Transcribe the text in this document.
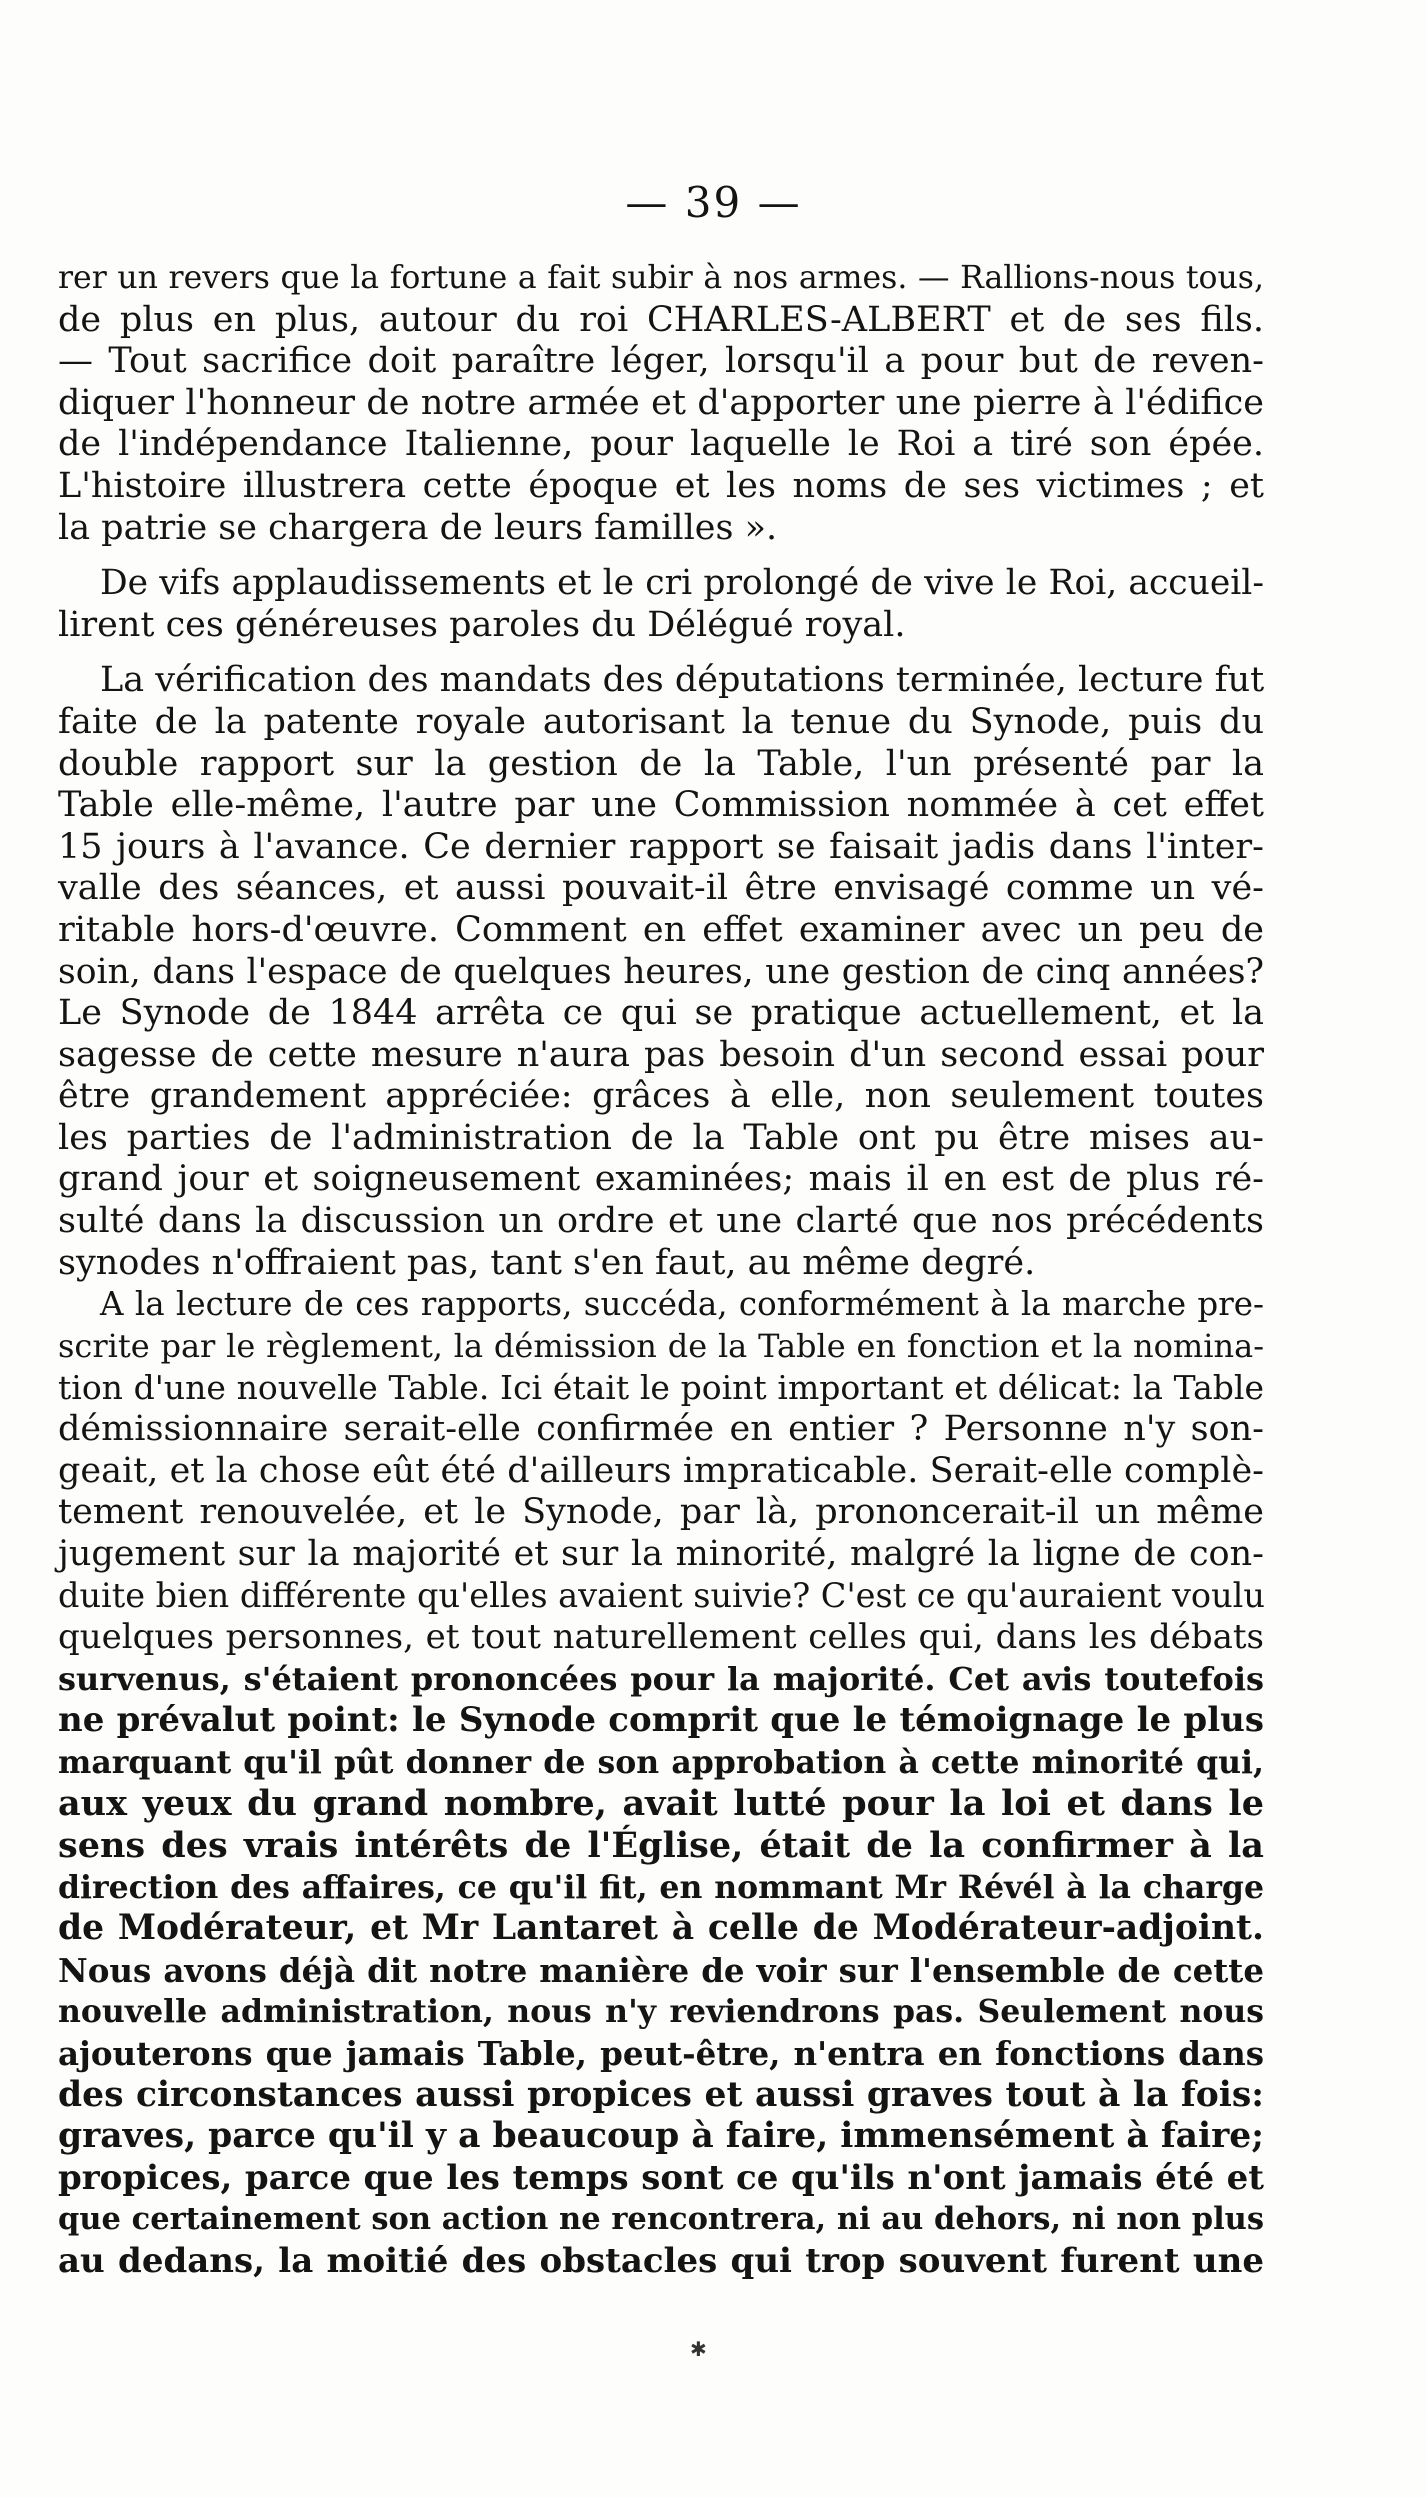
— 39 —
rer un revers que la fortune a fait subir à nos armes. — Rallions-nous tous,
de plus en plus, autour du roi CHARLES-ALBERT et de ses fils.
— Tout sacrifice doit paraître léger, lorsqu'il a pour but de reven-
diquer l'honneur de notre armée et d'apporter une pierre à l'édifice
de l'indépendance Italienne, pour laquelle le Roi a tiré son épée.
L'histoire illustrera cette époque et les noms de ses victimes ; et
la patrie se chargera de leurs familles ».
De vifs applaudissements et le cri prolongé de vive le Roi, accueil-
lirent ces généreuses paroles du Délégué royal.
La vérification des mandats des députations terminée, lecture fut
faite de la patente royale autorisant la tenue du Synode, puis du
double rapport sur la gestion de la Table, l'un présenté par la
Table elle-même, l'autre par une Commission nommée à cet effet
15 jours à l'avance. Ce dernier rapport se faisait jadis dans l'inter-
valle des séances, et aussi pouvait-il être envisagé comme un vé-
ritable hors-d'œuvre. Comment en effet examiner avec un peu de
soin, dans l'espace de quelques heures, une gestion de cinq années?
Le Synode de 1844 arrêta ce qui se pratique actuellement, et la
sagesse de cette mesure n'aura pas besoin d'un second essai pour
être grandement appréciée: grâces à elle, non seulement toutes
les parties de l'administration de la Table ont pu être mises au-
grand jour et soigneusement examinées; mais il en est de plus ré-
sulté dans la discussion un ordre et une clarté que nos précédents
synodes n'offraient pas, tant s'en faut, au même degré.
A la lecture de ces rapports, succéda, conformément à la marche pre-
scrite par le règlement, la démission de la Table en fonction et la nomina-
tion d'une nouvelle Table. Ici était le point important et délicat: la Table
démissionnaire serait-elle confirmée en entier ? Personne n'y son-
geait, et la chose eût été d'ailleurs impraticable. Serait-elle complè-
tement renouvelée, et le Synode, par là, prononcerait-il un même
jugement sur la majorité et sur la minorité, malgré la ligne de con-
duite bien différente qu'elles avaient suivie? C'est ce qu'auraient voulu
quelques personnes, et tout naturellement celles qui, dans les débats
survenus, s'étaient prononcées pour la majorité. Cet avis toutefois
ne prévalut point: le Synode comprit que le témoignage le plus
marquant qu'il pût donner de son approbation à cette minorité qui,
aux yeux du grand nombre, avait lutté pour la loi et dans le
sens des vrais intérêts de l'Église, était de la confirmer à la
direction des affaires, ce qu'il fit, en nommant Mr Révél à la charge
de Modérateur, et Mr Lantaret à celle de Modérateur-adjoint.
Nous avons déjà dit notre manière de voir sur l'ensemble de cette
nouvelle administration, nous n'y reviendrons pas. Seulement nous
ajouterons que jamais Table, peut-être, n'entra en fonctions dans
des circonstances aussi propices et aussi graves tout à la fois:
graves, parce qu'il y a beaucoup à faire, immensément à faire;
propices, parce que les temps sont ce qu'ils n'ont jamais été et
que certainement son action ne rencontrera, ni au dehors, ni non plus
au dedans, la moitié des obstacles qui trop souvent furent une
✱
